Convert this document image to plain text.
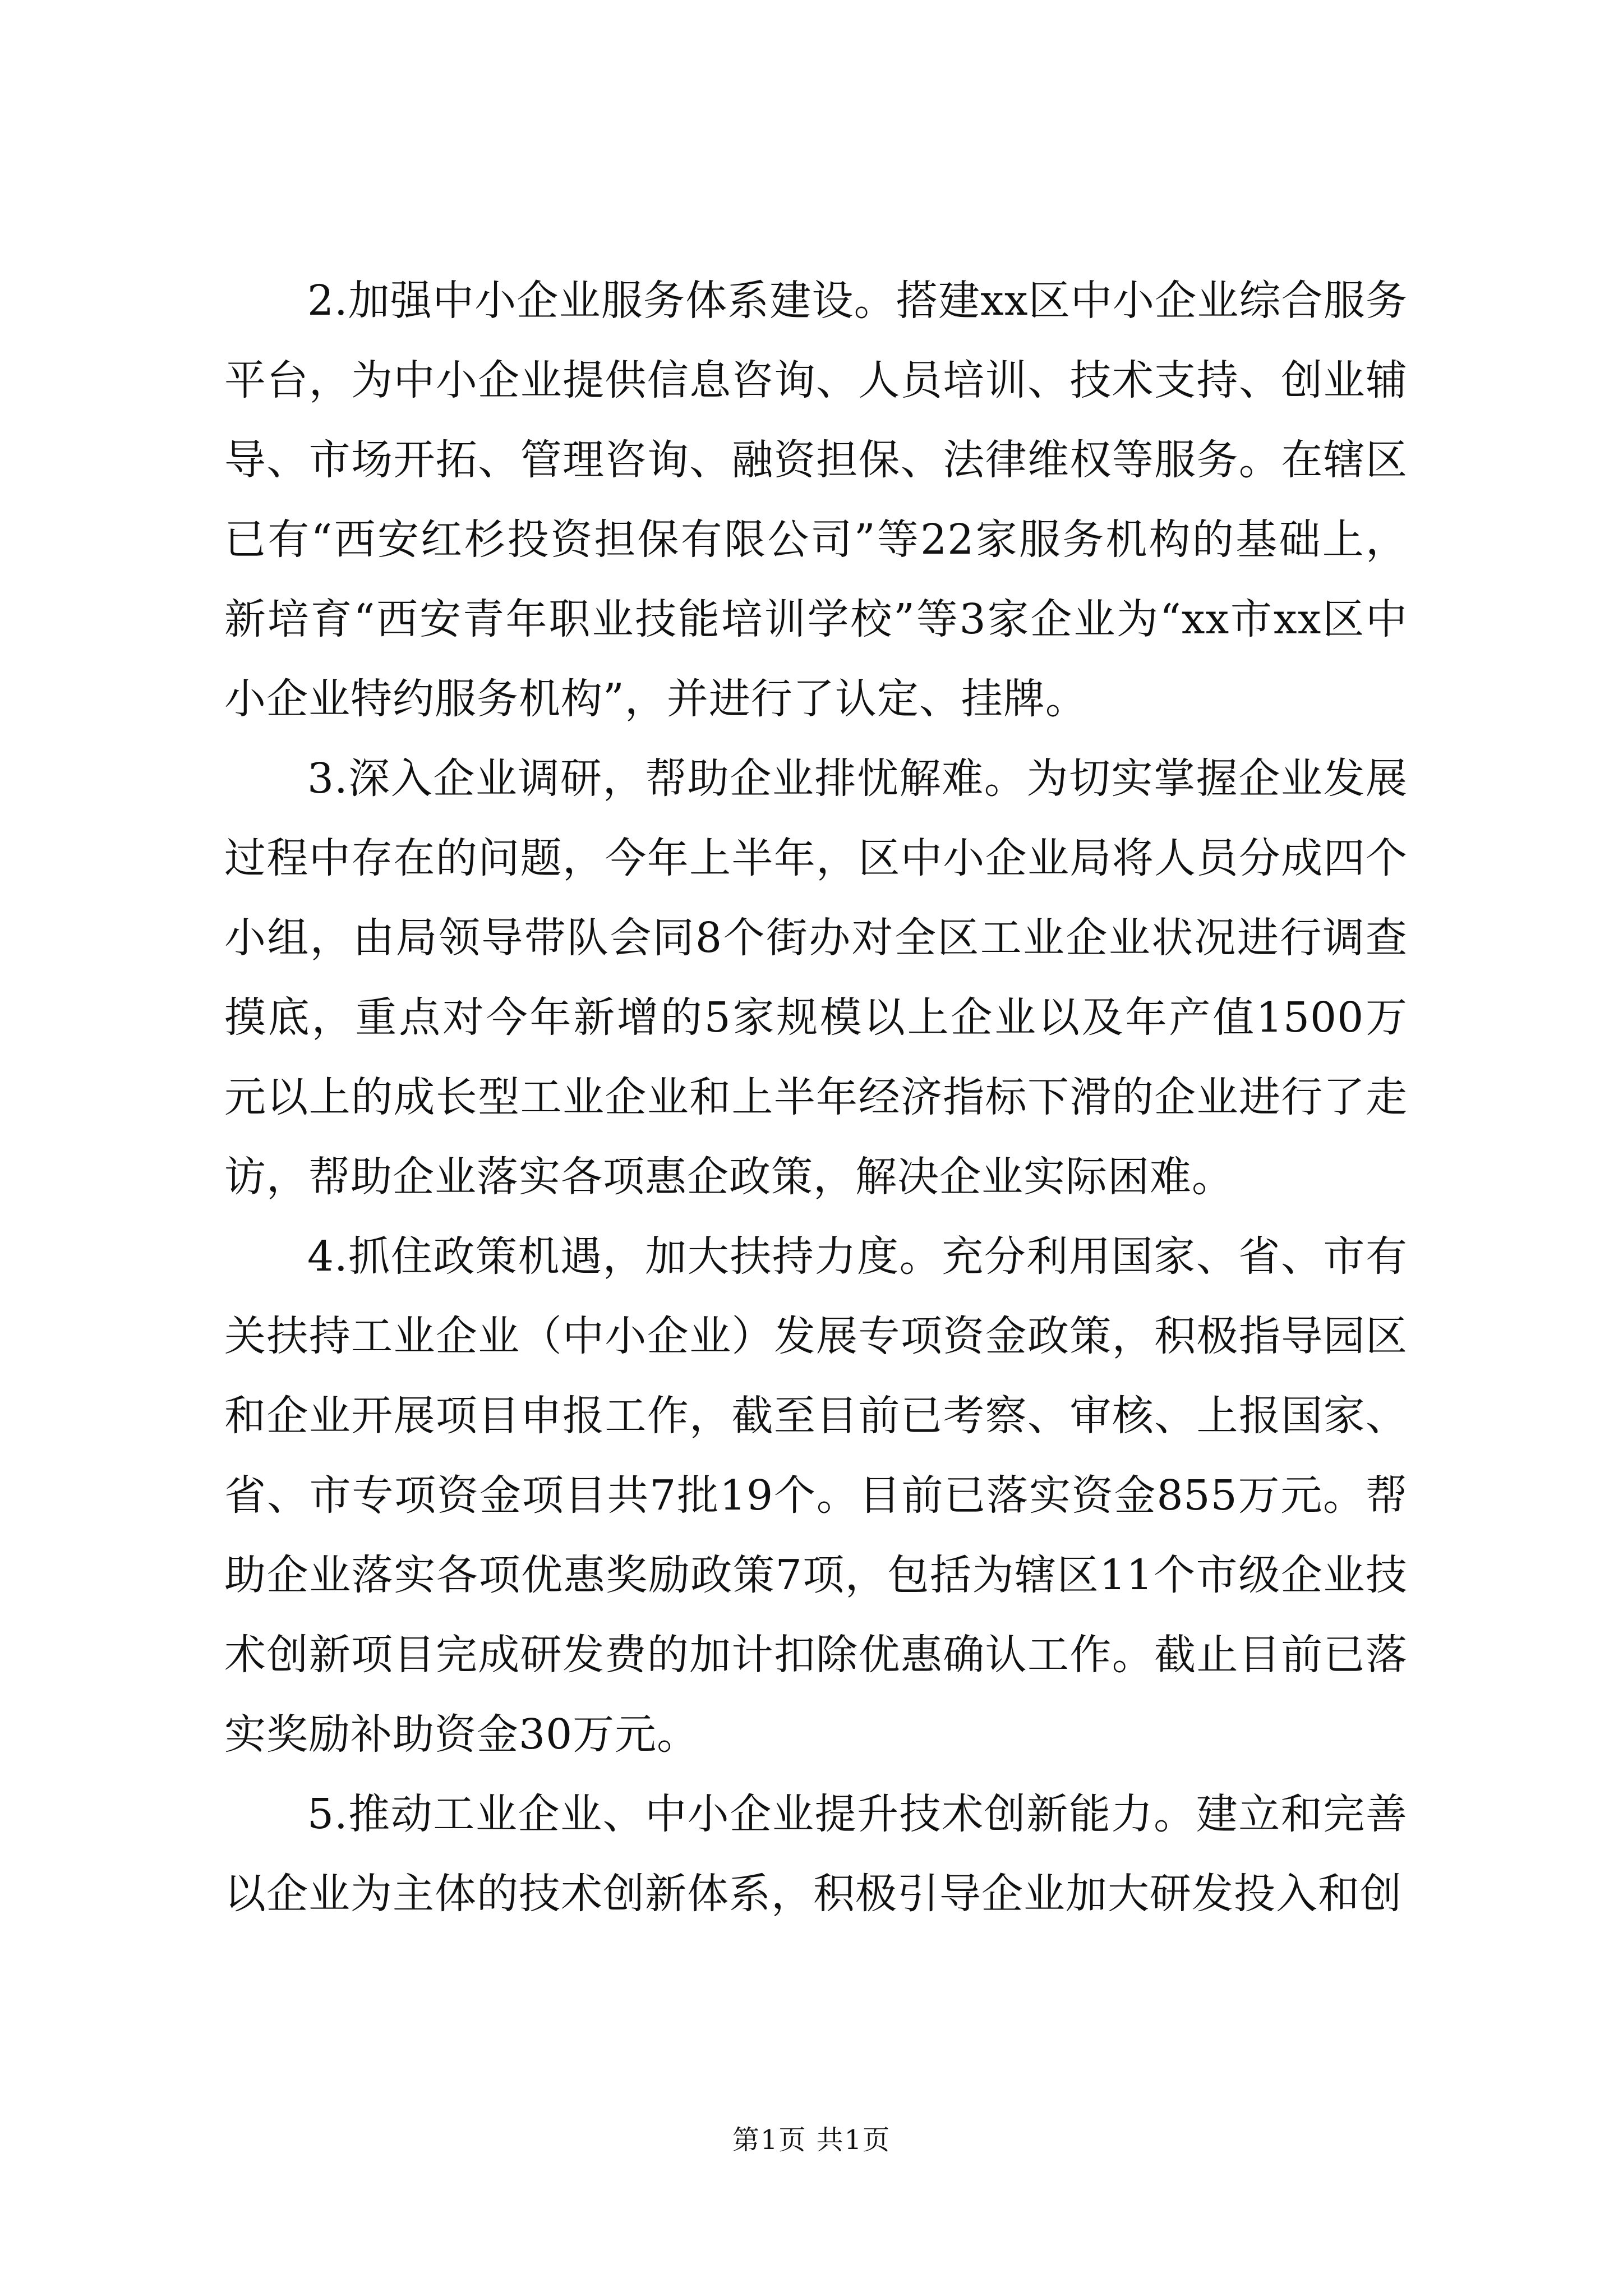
2.加强中小企业服务体系建设。搭建xx区中小企业综合服务平台，为中小企业提供信息咨询、人员培训、技术支持、创业辅导、市场开拓、管理咨询、融资担保、法律维权等服务。在辖区已有“西安红杉投资担保有限公司”等22家服务机构的基础上，新培育“西安青年职业技能培训学校”等3家企业为“xx市xx区中小企业特约服务机构”，并进行了认定、挂牌。

3.深入企业调研，帮助企业排忧解难。为切实掌握企业发展过程中存在的问题，今年上半年，区中小企业局将人员分成四个小组，由局领导带队会同8个街办对全区工业企业状况进行调查摸底，重点对今年新增的5家规模以上企业以及年产值1500万元以上的成长型工业企业和上半年经济指标下滑的企业进行了走访，帮助企业落实各项惠企政策，解决企业实际困难。

4.抓住政策机遇，加大扶持力度。充分利用国家、省、市有关扶持工业企业（中小企业）发展专项资金政策，积极指导园区和企业开展项目申报工作，截至目前已考察、审核、上报国家、省、市专项资金项目共7批19个。目前已落实资金855万元。帮助企业落实各项优惠奖励政策7项，包括为辖区11个市级企业技术创新项目完成研发费的加计扣除优惠确认工作。截止目前已落实奖励补助资金30万元。

5.推动工业企业、中小企业提升技术创新能力。建立和完善以企业为主体的技术创新体系，积极引导企业加大研发投入和创

第1页 共1页
